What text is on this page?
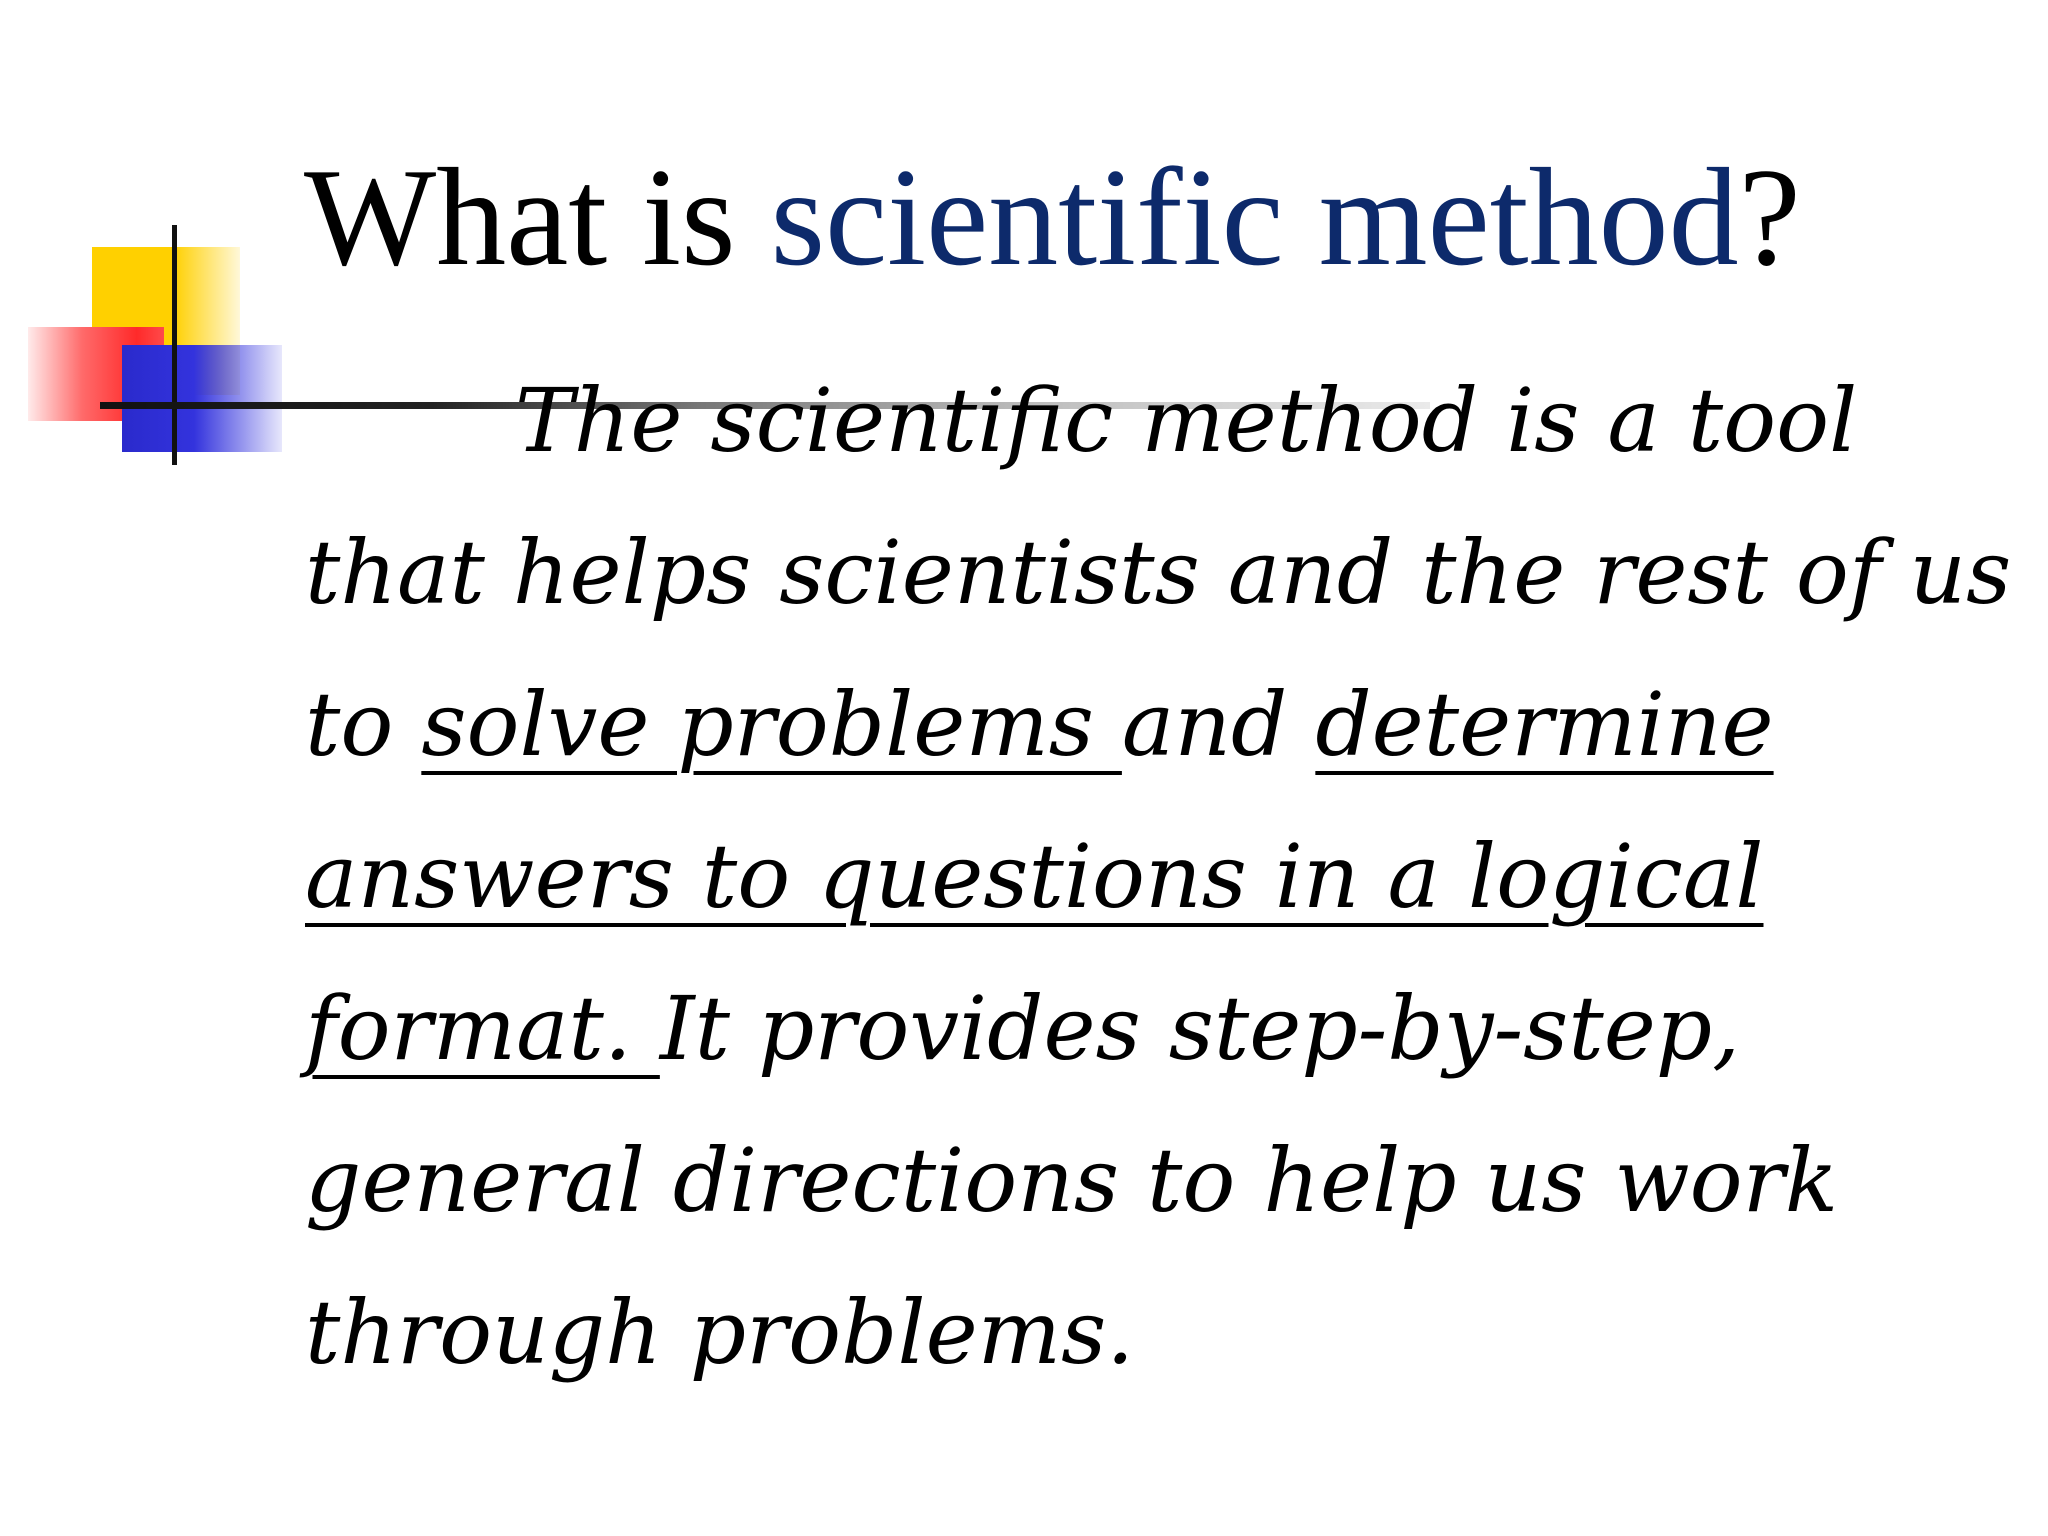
What is scientific method?

The scientific method is a tool
that helps scientists and the rest of us
to solve problems and determine
answers to questions in a logical
format. It provides step-by-step,
general directions to help us work
through problems.
